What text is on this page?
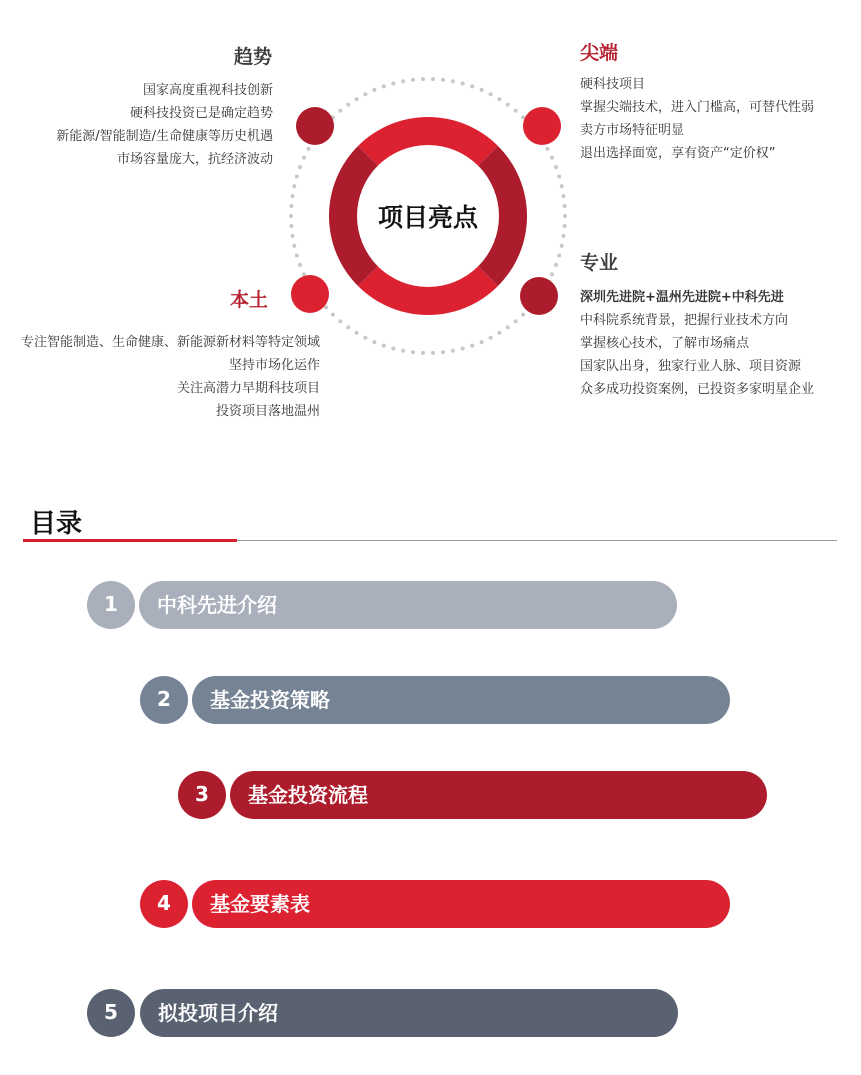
项目亮点
趋势
国家高度重视科技创新
硬科技投资已是确定趋势
新能源/智能制造/生命健康等历史机遇
市场容量庞大，抗经济波动
尖端
硬科技项目
掌握尖端技术，进入门槛高，可替代性弱
卖方市场特征明显
退出选择面宽，享有资产“定价权”
专业
深圳先进院+温州先进院+中科先进
中科院系统背景，把握行业技术方向
掌握核心技术，了解市场痛点
国家队出身，独家行业人脉、项目资源
众多成功投资案例，已投资多家明星企业
本土
专注智能制造、生命健康、新能源新材料等特定领域
坚持市场化运作
关注高潜力早期科技项目
投资项目落地温州
目录
中科先进介绍
1
基金投资策略
2
基金投资流程
3
基金要素表
4
拟投项目介绍
5
